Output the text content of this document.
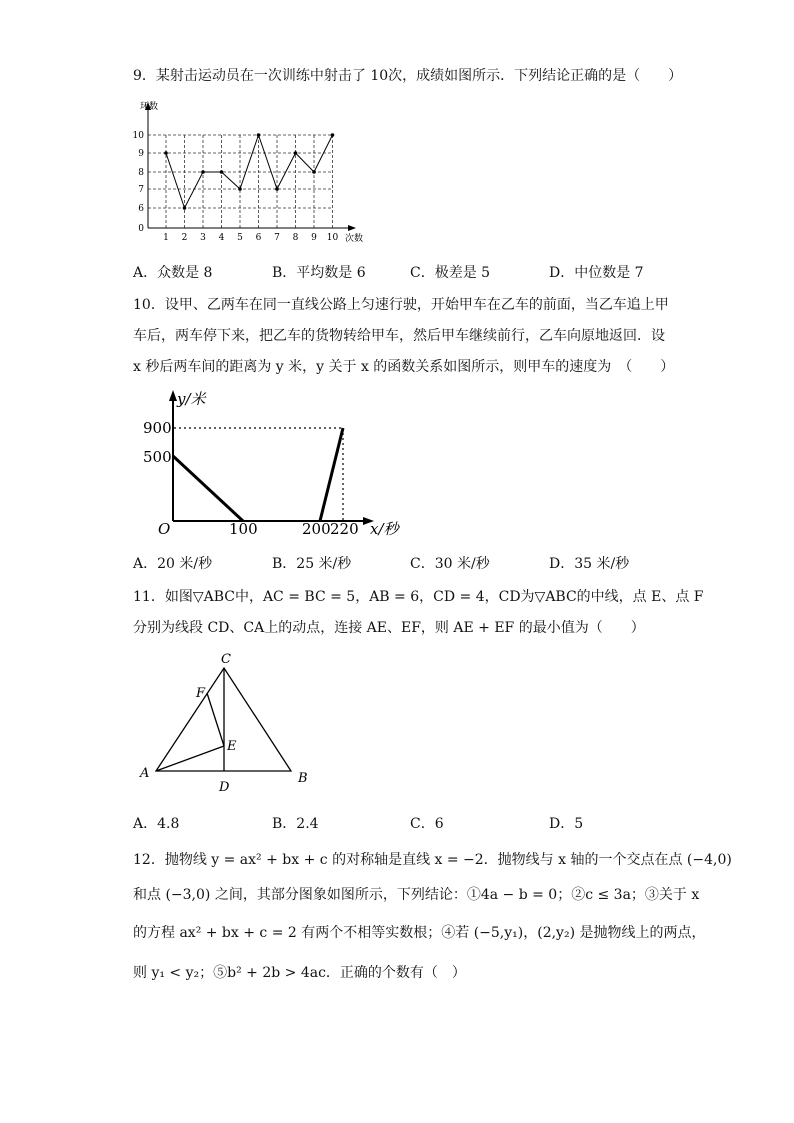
9．某射击运动员在一次训练中射击了 10次，成绩如图所示．下列结论正确的是（　　）
0
6
7
8
9
10
1 2 3 4 5 6 7 8 9 10
环数
次数
A．众数是 8	B．平均数是 6	C．极差是 5	D．中位数是 7
10．设甲、乙两车在同一直线公路上匀速行驶，开始甲车在乙车的前面，当乙车追上甲
车后，两车停下来，把乙车的货物转给甲车，然后甲车继续前行，乙车向原地返回．设
x 秒后两车间的距离为 y 米，y 关于 x 的函数关系如图所示，则甲车的速度为　（　　）
y/米
x/秒
O
900
500
100	200 220
A．20 米/秒	B．25 米/秒	C．30 米/秒	D．35 米/秒
11．如图▽ABC中，AC = BC = 5，AB = 6，CD = 4，CD为▽ABC的中线，点 E、点 F
分别为线段 CD、CA上的动点，连接 AE、EF，则 AE + EF 的最小值为（　　）
C
F
E
A
D
B
A．4.8	B．2.4	C．6	D．5
12．抛物线 y = ax² + bx + c 的对称轴是直线 x = −2．抛物线与 x 轴的一个交点在点 (−4,0)
和点 (−3,0) 之间，其部分图象如图所示，下列结论：①4a − b = 0；②c ≤ 3a；③关于 x
的方程 ax² + bx + c = 2 有两个不相等实数根；④若 (−5,y₁)，(2,y₂) 是抛物线上的两点，
则 y₁ < y₂；⑤b² + 2b > 4ac．正确的个数有（　）
